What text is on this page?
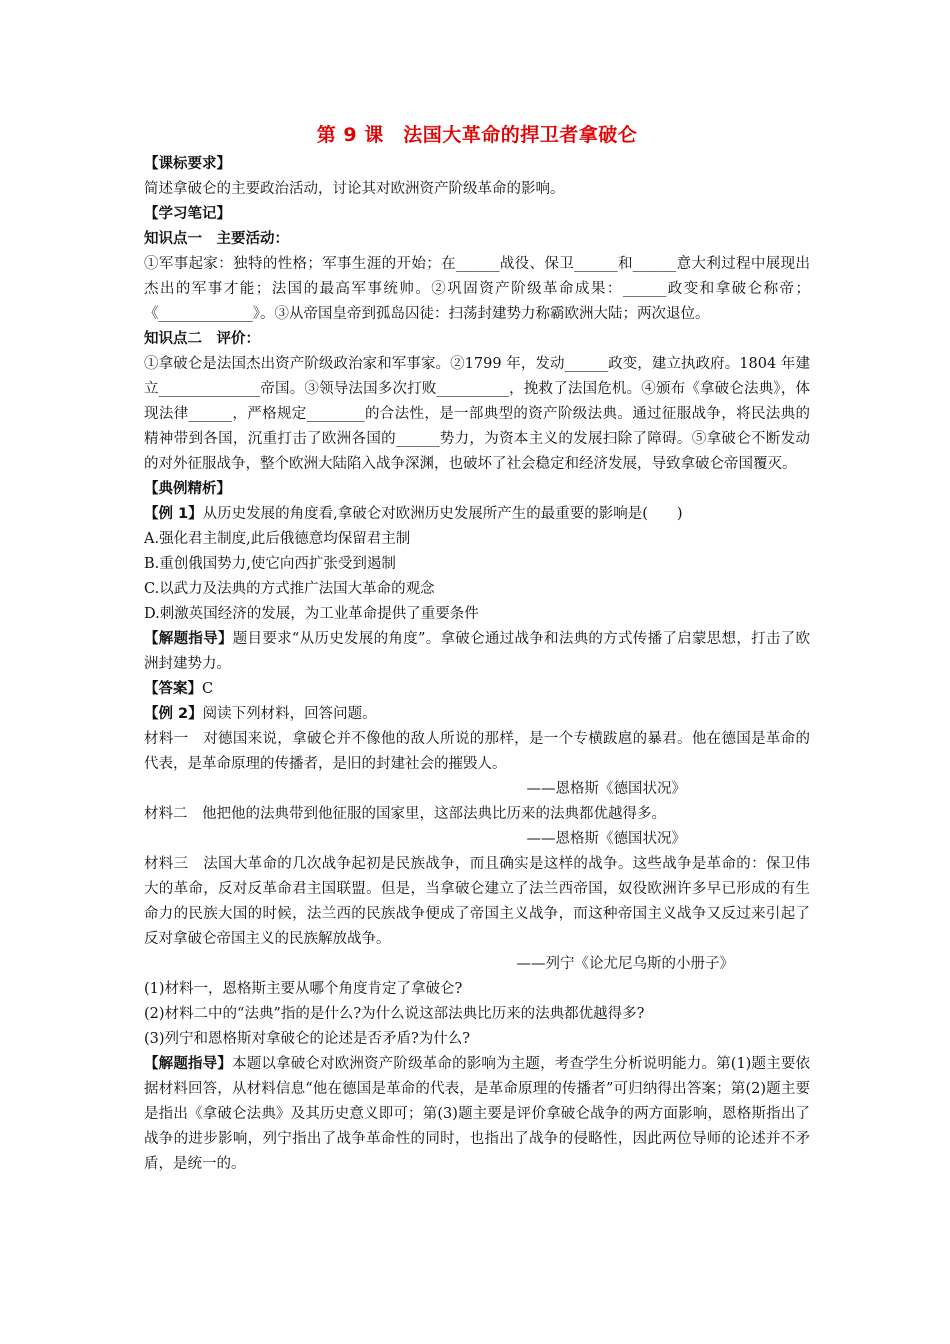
第 9 课　法国大革命的捍卫者拿破仑
【课标要求】

简述拿破仑的主要政治活动，讨论其对欧洲资产阶级革命的影响。

【学习笔记】
知识点一　主要活动：

①军事起家：独特的性格；军事生涯的开始；在______战役、保卫______和______意大利过程中展现出杰出的军事才能；法国的最高军事统帅。②巩固资产阶级革命成果：______政变和拿破仑称帝；《_____________》。③从帝国皇帝到孤岛囚徒：扫荡封建势力称霸欧洲大陆；两次退位。

知识点二　评价：

①拿破仑是法国杰出资产阶级政治家和军事家。②1799 年，发动______政变，建立执政府。1804 年建立______________帝国。③领导法国多次打败__________，挽救了法国危机。④颁布《拿破仑法典》，体现法律______，严格规定________的合法性，是一部典型的资产阶级法典。通过征服战争，将民法典的精神带到各国，沉重打击了欧洲各国的______势力，为资本主义的发展扫除了障碍。⑤拿破仑不断发动的对外征服战争，整个欧洲大陆陷入战争深渊，也破坏了社会稳定和经济发展，导致拿破仑帝国覆灭。

【典例精析】

【例 1】从历史发展的角度看,拿破仑对欧洲历史发展所产生的最重要的影响是(　　)

A.强化君主制度,此后俄德意均保留君主制

B.重创俄国势力,使它向西扩张受到遏制

C.以武力及法典的方式推广法国大革命的观念

D.刺激英国经济的发展，为工业革命提供了重要条件

【解题指导】题目要求“从历史发展的角度”。拿破仑通过战争和法典的方式传播了启蒙思想，打击了欧洲封建势力。

【答案】C

【例 2】阅读下列材料，回答问题。

材料一　对德国来说，拿破仑并不像他的敌人所说的那样，是一个专横跋扈的暴君。他在德国是革命的代表，是革命原理的传播者，是旧的封建社会的摧毁人。

——恩格斯《德国状况》

材料二　他把他的法典带到他征服的国家里，这部法典比历来的法典都优越得多。

——恩格斯《德国状况》

材料三　法国大革命的几次战争起初是民族战争，而且确实是这样的战争。这些战争是革命的：保卫伟大的革命，反对反革命君主国联盟。但是，当拿破仑建立了法兰西帝国，奴役欧洲许多早已形成的有生命力的民族大国的时候，法兰西的民族战争便成了帝国主义战争，而这种帝国主义战争又反过来引起了反对拿破仑帝国主义的民族解放战争。

——列宁《论尤尼乌斯的小册子》

(1)材料一，恩格斯主要从哪个角度肯定了拿破仑?

(2)材料二中的“法典”指的是什么?为什么说这部法典比历来的法典都优越得多?

(3)列宁和恩格斯对拿破仑的论述是否矛盾?为什么?

【解题指导】本题以拿破仑对欧洲资产阶级革命的影响为主题，考查学生分析说明能力。第(1)题主要依据材料回答，从材料信息“他在德国是革命的代表，是革命原理的传播者”可归纳得出答案；第(2)题主要是指出《拿破仑法典》及其历史意义即可；第(3)题主要是评价拿破仑战争的两方面影响，恩格斯指出了战争的进步影响，列宁指出了战争革命性的同时，也指出了战争的侵略性，因此两位导师的论述并不矛盾，是统一的。
